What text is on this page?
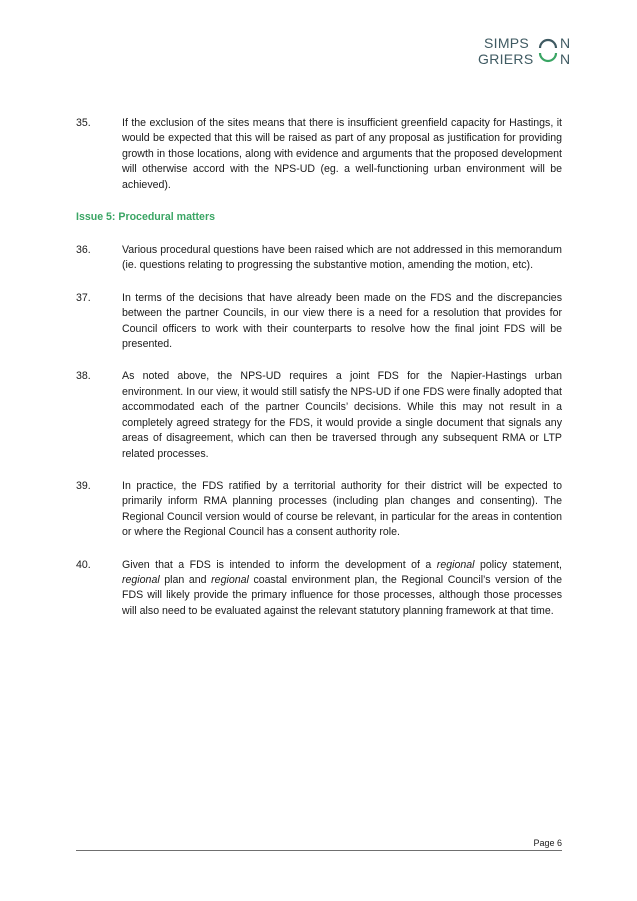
SIMPS N
GRIERS N
35.	If the exclusion of the sites means that there is insufficient greenfield capacity for Hastings, it would be expected that this will be raised as part of any proposal as justification for providing growth in those locations, along with evidence and arguments that the proposed development will otherwise accord with the NPS-UD (eg. a well-functioning urban environment will be achieved).
Issue 5: Procedural matters
36.	Various procedural questions have been raised which are not addressed in this memorandum (ie. questions relating to progressing the substantive motion, amending the motion, etc).
37.	In terms of the decisions that have already been made on the FDS and the discrepancies between the partner Councils, in our view there is a need for a resolution that provides for Council officers to work with their counterparts to resolve how the final joint FDS will be presented.
38.	As noted above, the NPS-UD requires a joint FDS for the Napier-Hastings urban environment. In our view, it would still satisfy the NPS-UD if one FDS were finally adopted that accommodated each of the partner Councils’ decisions. While this may not result in a completely agreed strategy for the FDS, it would provide a single document that signals any areas of disagreement, which can then be traversed through any subsequent RMA or LTP related processes.
39.	In practice, the FDS ratified by a territorial authority for their district will be expected to primarily inform RMA planning processes (including plan changes and consenting). The Regional Council version would of course be relevant, in particular for the areas in contention or where the Regional Council has a consent authority role.
40.	Given that a FDS is intended to inform the development of a regional policy statement, regional plan and regional coastal environment plan, the Regional Council’s version of the FDS will likely provide the primary influence for those processes, although those processes will also need to be evaluated against the relevant statutory planning framework at that time.
Page 6
